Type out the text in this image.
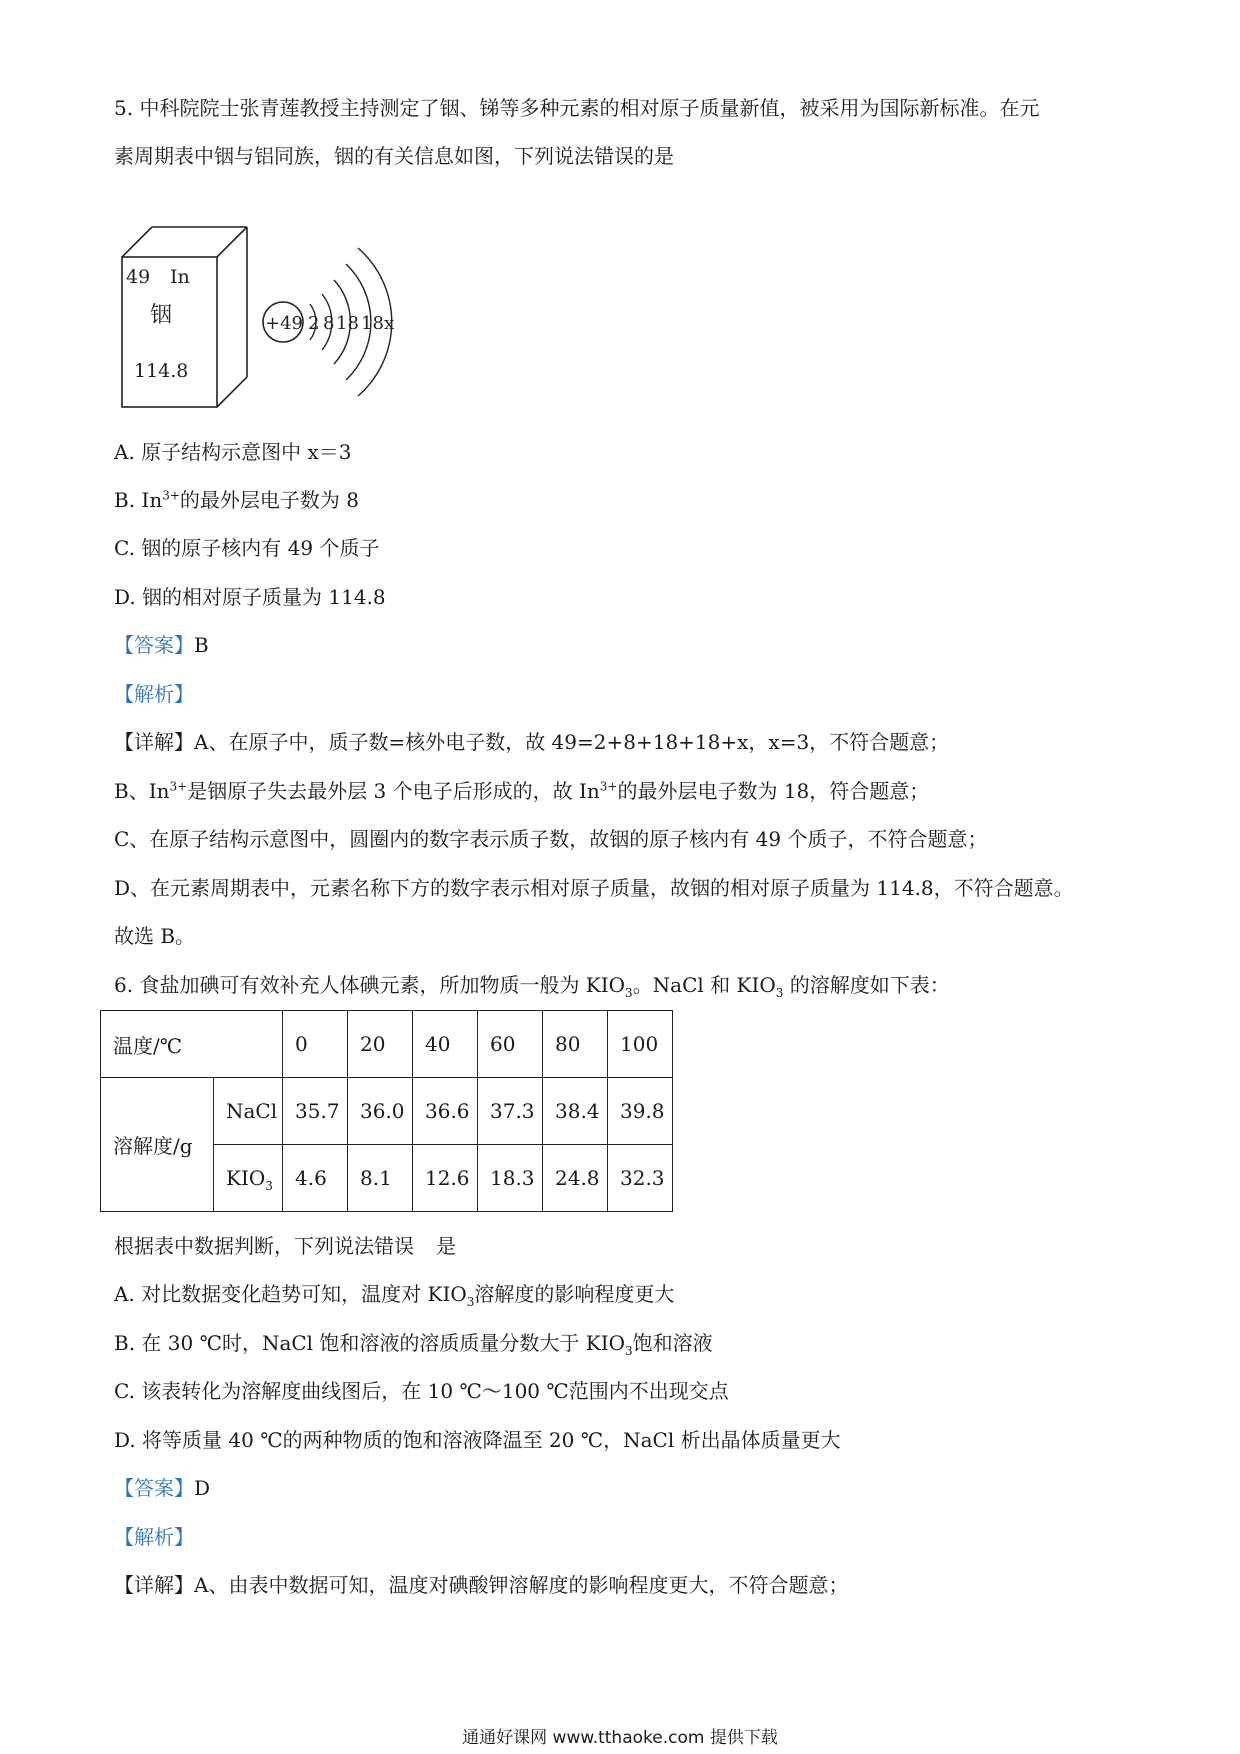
5. 中科院院士张青莲教授主持测定了铟、锑等多种元素的相对原子质量新值，被采用为国际新标准。在元
素周期表中铟与铝同族，铟的有关信息如图，下列说法错误的是
49 In
铟
114.8
+49 2 8 18 18 x
A. 原子结构示意图中 x＝3
B. $In^{3+}$的最外层电子数为 8
C. 铟的原子核内有 49 个质子
D. 铟的相对原子质量为 114.8
【答案】B
【解析】
【详解】A、在原子中，质子数=核外电子数，故 49=2+8+18+18+x，x=3，不符合题意；
B、$In^{3+}$是铟原子失去最外层 3 个电子后形成的，故 $In^{3+}$的最外层电子数为 18，符合题意；
C、在原子结构示意图中，圆圈内的数字表示质子数，故铟的原子核内有 49 个质子，不符合题意；
D、在元素周期表中，元素名称下方的数字表示相对原子质量，故铟的相对原子质量为 114.8，不符合题意。
故选 B。
6. 食盐加碘可有效补充人体碘元素，所加物质一般为 $KIO_3$。NaCl 和 $KIO_3$ 的溶解度如下表：
温度/℃		0	20	40	60	80	100
溶解度/g	NaCl	35.7	36.0	36.6	37.3	38.4	39.8
	$KIO_3$	4.6	8.1	12.6	18.3	24.8	32.3
根据表中数据判断，下列说法错误 是
A. 对比数据变化趋势可知，温度对 $KIO_3$溶解度的影响程度更大
B. 在 30 ℃时，NaCl 饱和溶液的溶质质量分数大于 $KIO_3$饱和溶液
C. 该表转化为溶解度曲线图后，在 10 ℃～100 ℃范围内不出现交点
D. 将等质量 40 ℃的两种物质的饱和溶液降温至 20 ℃，NaCl 析出晶体质量更大
【答案】D
【解析】
【详解】A、由表中数据可知，温度对碘酸钾溶解度的影响程度更大，不符合题意；
通通好课网 www.tthaoke.com 提供下载
